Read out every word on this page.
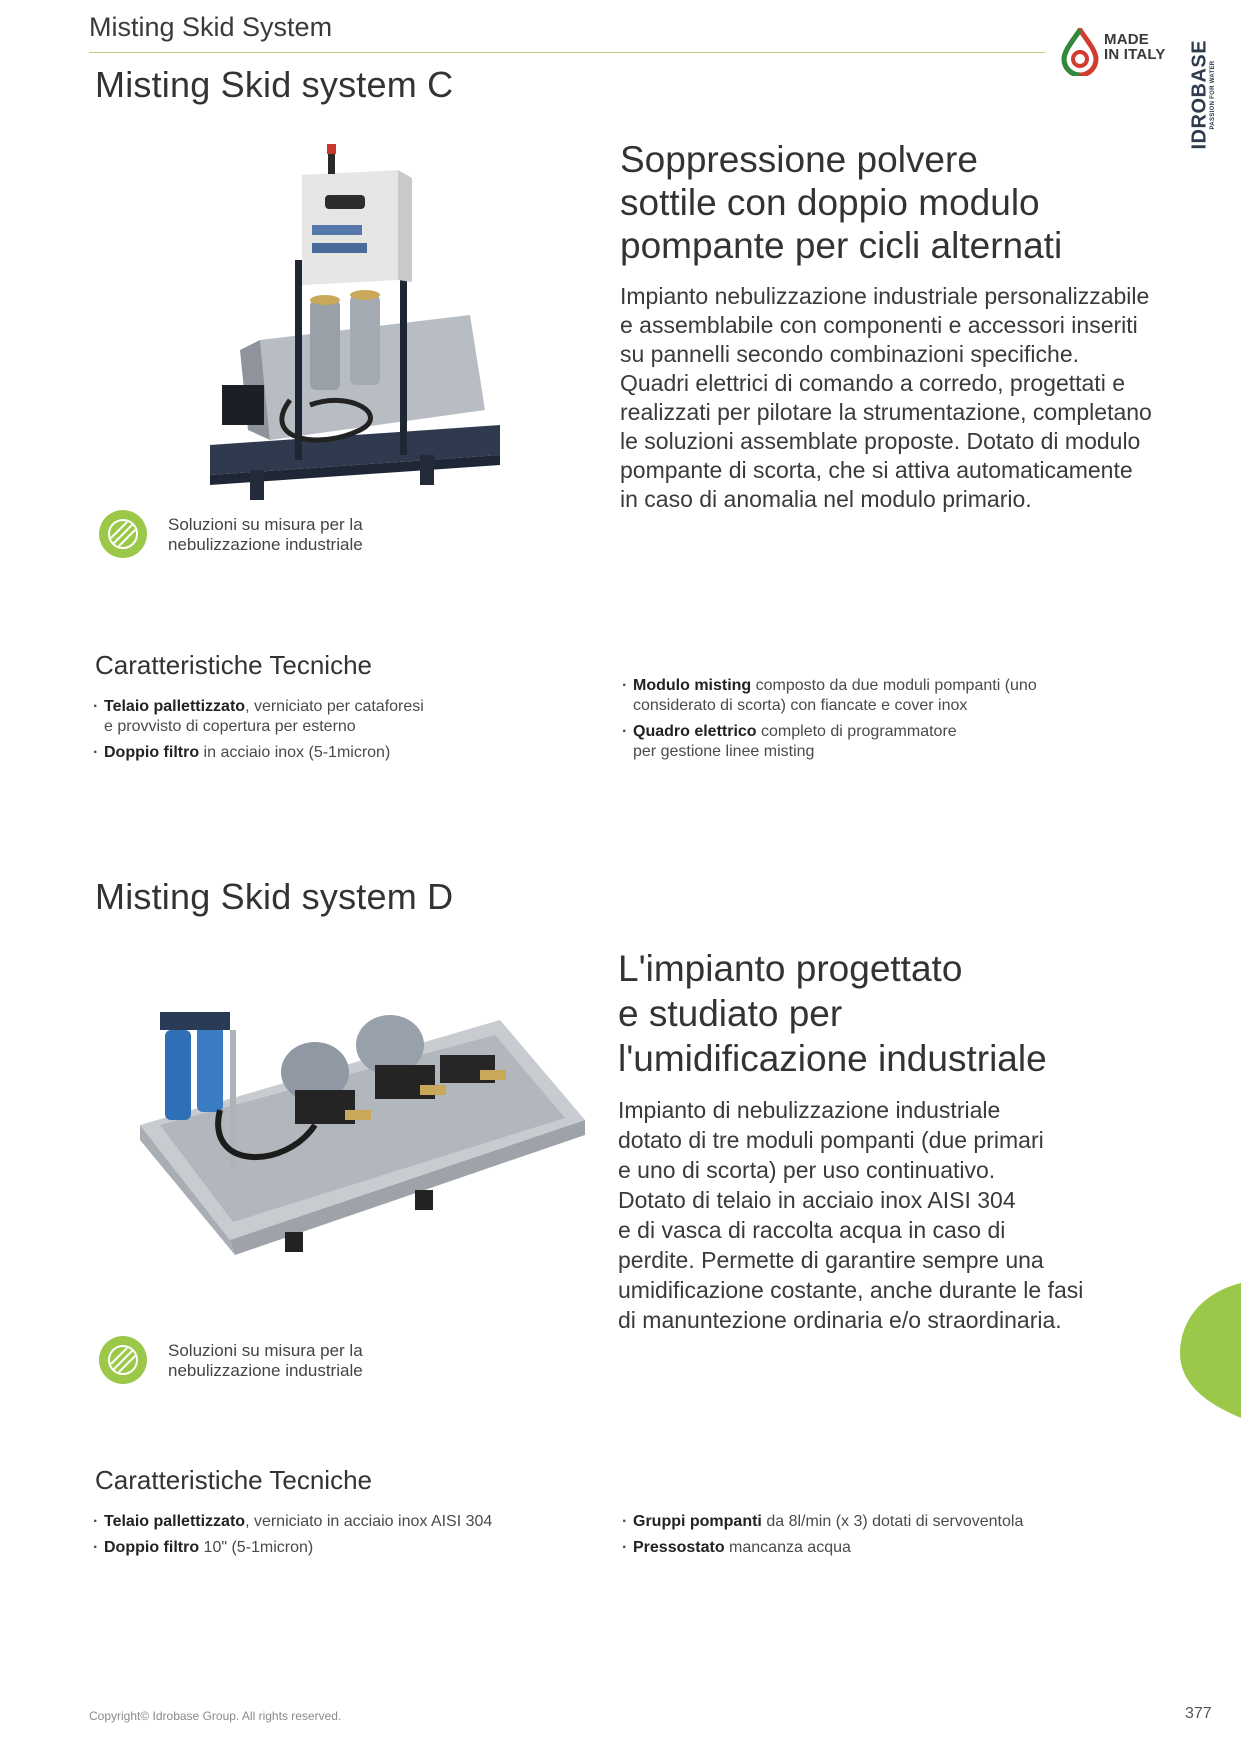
Misting Skid System	MADE
IN ITALY IDROBASE PASSION FOR WATER
Misting Skid system C
Soppressione polvere
sottile con doppio modulo
pompante per cicli alternati
Impianto nebulizzazione industriale personalizzabile
e assemblabile con componenti e accessori inseriti
su pannelli secondo combinazioni specifiche.
Quadri elettrici di comando a corredo, progettati e
realizzati per pilotare la strumentazione, completano
le soluzioni assemblate proposte. Dotato di modulo
pompante di scorta, che si attiva automaticamente
in caso di anomalia nel modulo primario.
Soluzioni su misura per la
nebulizzazione industriale
Caratteristiche Tecniche
· Telaio pallettizzato, verniciato per cataforesi
e provvisto di copertura per esterno
· Doppio filtro in acciaio inox (5-1micron)
· Modulo misting composto da due moduli pompanti (uno
considerato di scorta) con fiancate e cover inox
· Quadro elettrico completo di programmatore
per gestione linee misting
Misting Skid system D
L'impianto progettato
e studiato per
l'umidificazione industriale
Impianto di nebulizzazione industriale
dotato di tre moduli pompanti (due primari
e uno di scorta) per uso continuativo.
Dotato di telaio in acciaio inox AISI 304
e di vasca di raccolta acqua in caso di
perdite. Permette di garantire sempre una
umidificazione costante, anche durante le fasi
di manuntezione ordinaria e/o straordinaria.
Soluzioni su misura per la
nebulizzazione industriale
Caratteristiche Tecniche
· Telaio pallettizzato, verniciato in acciaio inox AISI 304
· Doppio filtro 10" (5-1micron)
· Gruppi pompanti da 8l/min (x 3) dotati di servoventola
· Pressostato mancanza acqua
Copyright© Idrobase Group. All rights reserved.	377
